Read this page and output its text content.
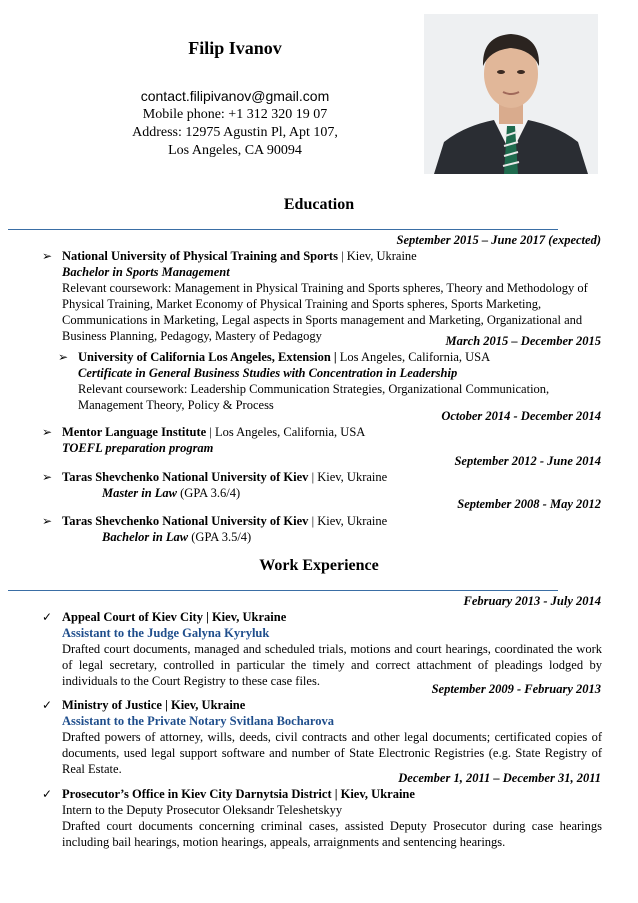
Filip Ivanov
contact.filipivanov@gmail.com
Mobile phone: +1 312 320 19 07
Address: 12975 Agustin Pl, Apt 107,
Los Angeles, CA 90094
Education
September 2015 – June 2017 (expected)
➢ National University of Physical Training and Sports | Kiev, Ukraine
Bachelor in Sports Management
Relevant coursework: Management in Physical Training and Sports spheres, Theory and Methodology of Physical Training, Market Economy of Physical Training and Sports spheres, Sports Marketing, Communications in Marketing, Legal aspects in Sports management and Marketing, Organizational and Business Planning, Pedagogy, Mastery of Pedagogy	March 2015 – December 2015
➢ University of California Los Angeles, Extension | Los Angeles, California, USA
Certificate in General Business Studies with Concentration in Leadership
Relevant coursework: Leadership Communication Strategies, Organizational Communication, Management Theory, Policy & Process
October 2014 - December 2014
➢ Mentor Language Institute | Los Angeles, California, USA
TOEFL preparation program
September 2012 - June 2014
➢ Taras Shevchenko National University of Kiev | Kiev, Ukraine
Master in Law (GPA 3.6/4)
September 2008 - May 2012
➢ Taras Shevchenko National University of Kiev | Kiev, Ukraine
Bachelor in Law (GPA 3.5/4)
Work Experience
February 2013 - July 2014
✓ Appeal Court of Kiev City | Kiev, Ukraine
Assistant to the Judge Galyna Kyryluk
Drafted court documents, managed and scheduled trials, motions and court hearings, coordinated the work of legal secretary, controlled in particular the timely and correct attachment of pleadings lodged by individuals to the Court Registry to these case files.
September 2009 - February 2013
✓ Ministry of Justice | Kiev, Ukraine
Assistant to the Private Notary Svitlana Bocharova
Drafted powers of attorney, wills, deeds, civil contracts and other legal documents; certificated copies of documents, used legal support software and number of State Electronic Registries (e.g. State Registry of Real Estate.
December 1, 2011 – December 31, 2011
✓ Prosecutor’s Office in Kiev City Darnytsia District | Kiev, Ukraine
Intern to the Deputy Prosecutor Oleksandr Teleshetskyy
Drafted court documents concerning criminal cases, assisted Deputy Prosecutor during case hearings including bail hearings, motion hearings, appeals, arraignments and sentencing hearings.
